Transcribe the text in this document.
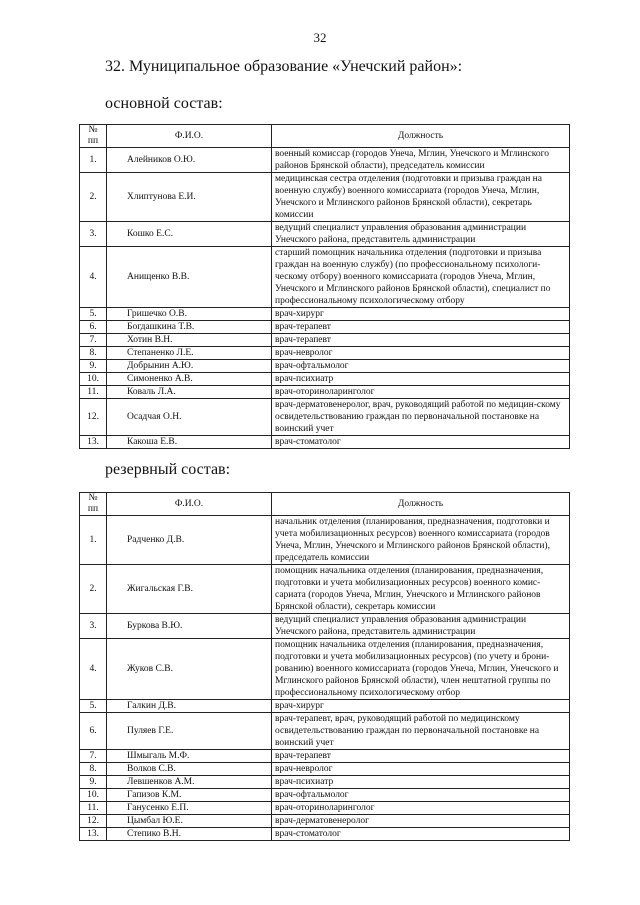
32
32. Муниципальное образование «Унечский район»:
основной состав:
№ пп	Ф.И.О.	Должность
1.	Алейников О.Ю.	военный комиссар (городов Унеча, Мглин, Унечского и Мглинского районов Брянской области), председатель комиссии
2.	Хлиптунова Е.И.	медицинская сестра отделения (подготовки и призыва граждан на военную службу) военного комиссариата (городов Унеча, Мглин, Унечского и Мглинского районов Брянской области), секретарь комиссии
3.	Кошко Е.С.	ведущий специалист управления образования администрации Унечского района, представитель администрации
4.	Анищенко В.В.	старший помощник начальника отделения (подготовки и призыва граждан на военную службу) (по профессиональному психологи-ческому отбору) военного комиссариата (городов Унеча, Мглин, Унечского и Мглинского районов Брянской области), специалист по профессиональному психологическому отбору
5.	Гришечко О.В.	врач-хирург
6.	Богдашкина Т.В.	врач-терапевт
7.	Хотин В.Н.	врач-терапевт
8.	Степаненко Л.Е.	врач-невролог
9.	Добрынин А.Ю.	врач-офтальмолог
10.	Симоненко А.В.	врач-психиатр
11.	Коваль Л.А.	врач-оториноларинголог
12.	Осадчая О.Н.	врач-дерматовенеролог, врач, руководящий работой по медицин-скому освидетельствованию граждан по первоначальной постановке на воинский учет
13.	Какоша Е.В.	врач-стоматолог
резервный состав:
№ пп	Ф.И.О.	Должность
1.	Радченко Д.В.	начальник отделения (планирования, предназначения, подготовки и учета мобилизационных ресурсов) военного комиссариата (городов Унеча, Мглин, Унечского и Мглинского районов Брянской области), председатель комиссии
2.	Жигальская Г.В.	помощник начальника отделения (планирования, предназначения, подготовки и учета мобилизационных ресурсов) военного комис-сариата (городов Унеча, Мглин, Унечского и Мглинского районов Брянской области), секретарь комиссии
3.	Буркова В.Ю.	ведущий специалист управления образования администрации Унечского района, представитель администрации
4.	Жуков С.В.	помощник начальника отделения (планирования, предназначения, подготовки и учета мобилизационных ресурсов) (по учету и брони-рованию) военного комиссариата (городов Унеча, Мглин, Унечского и Мглинского районов Брянской области), член нештатной группы по профессиональному психологическому отбор
5.	Галкин Д.В.	врач-хирург
6.	Пуляев Г.Е.	врач-терапевт, врач, руководящий работой по медицинскому освидетельствованию граждан по первоначальной постановке на воинский учет
7.	Шмыгаль М.Ф.	врач-терапевт
8.	Волков С.В.	врач-невролог
9.	Левшенков А.М.	врач-психиатр
10.	Гапизов К.М.	врач-офтальмолог
11.	Ганусенко Е.П.	врач-оториноларинголог
12.	Цымбал Ю.Е.	врач-дерматовенеролог
13.	Степико В.Н.	врач-стоматолог
